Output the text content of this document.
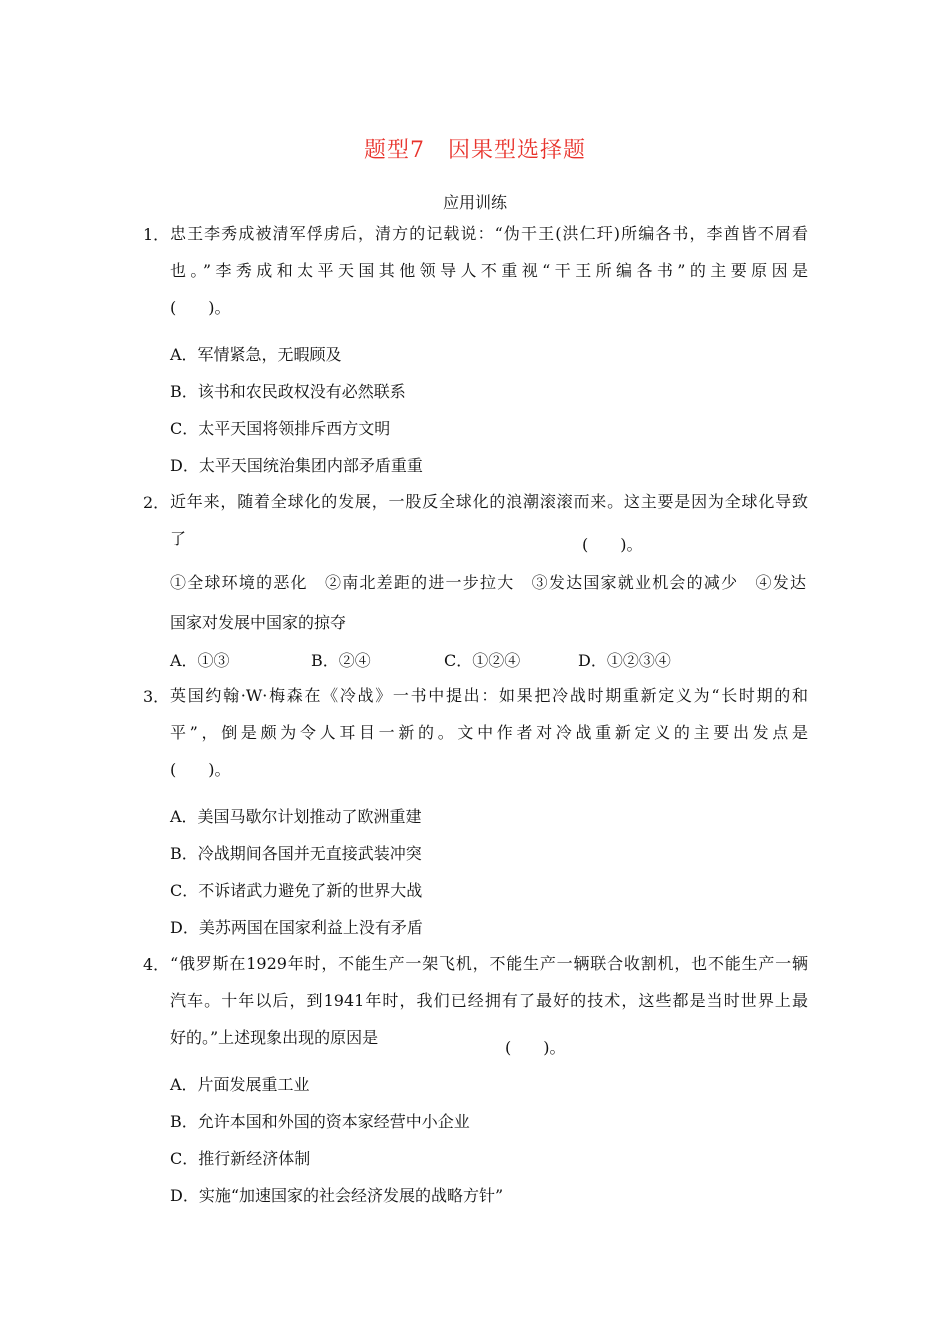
题型7　因果型选择题
应用训练
1． 忠王李秀成被清军俘虏后，清方的记载说：“伪干王(洪仁玕)所编各书，李酋皆不屑看
也。”李秀成和太平天国其他领导人不重视“干王所编各书”的主要原因是
(　　)。
A．军情紧急，无暇顾及
B．该书和农民政权没有必然联系
C．太平天国将领排斥西方文明
D．太平天国统治集团内部矛盾重重
2． 近年来，随着全球化的发展，一股反全球化的浪潮滚滚而来。这主要是因为全球化导致
了	(　　)。
①全球环境的恶化　②南北差距的进一步拉大　③发达国家就业机会的减少　④发达
国家对发展中国家的掠夺
A．①③	B．②④	C．①②④	D．①②③④
3． 英国约翰·W·梅森在《冷战》一书中提出：如果把冷战时期重新定义为“长时期的和
平”，倒是颇为令人耳目一新的。文中作者对冷战重新定义的主要出发点是
(　　)。
A．美国马歇尔计划推动了欧洲重建
B．冷战期间各国并无直接武装冲突
C．不诉诸武力避免了新的世界大战
D．美苏两国在国家利益上没有矛盾
4． “俄罗斯在1929年时，不能生产一架飞机，不能生产一辆联合收割机，也不能生产一辆
汽车。十年以后，到1941年时，我们已经拥有了最好的技术，这些都是当时世界上最
好的。”上述现象出现的原因是
(　　)。
A．片面发展重工业
B．允许本国和外国的资本家经营中小企业
C．推行新经济体制
D．实施“加速国家的社会经济发展的战略方针”
